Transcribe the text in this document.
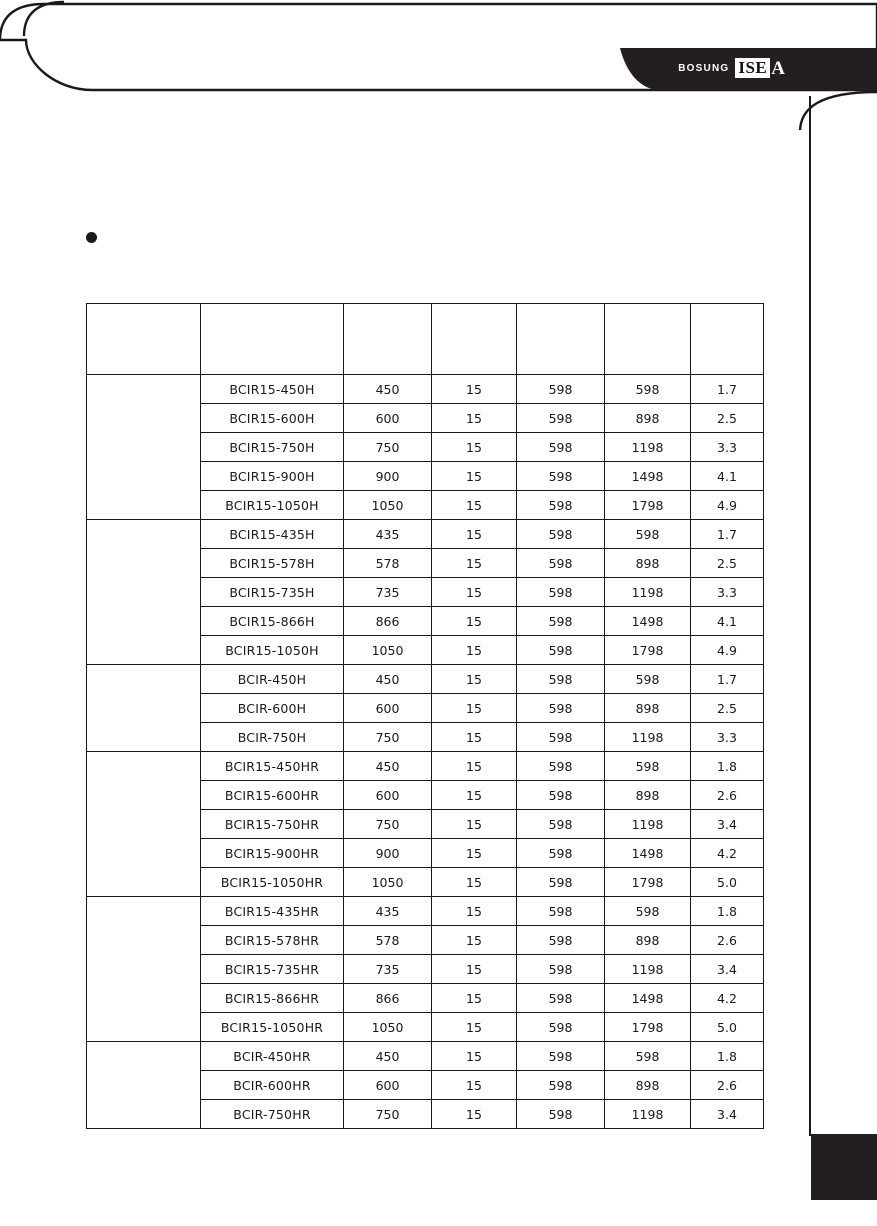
BOSUNG ISE A

	BCIR15-450H	450	15	598	598	1.7
	BCIR15-600H	600	15	598	898	2.5
	BCIR15-750H	750	15	598	1198	3.3
	BCIR15-900H	900	15	598	1498	4.1
	BCIR15-1050H	1050	15	598	1798	4.9
	BCIR15-435H	435	15	598	598	1.7
	BCIR15-578H	578	15	598	898	2.5
	BCIR15-735H	735	15	598	1198	3.3
	BCIR15-866H	866	15	598	1498	4.1
	BCIR15-1050H	1050	15	598	1798	4.9
	BCIR-450H	450	15	598	598	1.7
	BCIR-600H	600	15	598	898	2.5
	BCIR-750H	750	15	598	1198	3.3
	BCIR15-450HR	450	15	598	598	1.8
	BCIR15-600HR	600	15	598	898	2.6
	BCIR15-750HR	750	15	598	1198	3.4
	BCIR15-900HR	900	15	598	1498	4.2
	BCIR15-1050HR	1050	15	598	1798	5.0
	BCIR15-435HR	435	15	598	598	1.8
	BCIR15-578HR	578	15	598	898	2.6
	BCIR15-735HR	735	15	598	1198	3.4
	BCIR15-866HR	866	15	598	1498	4.2
	BCIR15-1050HR	1050	15	598	1798	5.0
	BCIR-450HR	450	15	598	598	1.8
	BCIR-600HR	600	15	598	898	2.6
	BCIR-750HR	750	15	598	1198	3.4
